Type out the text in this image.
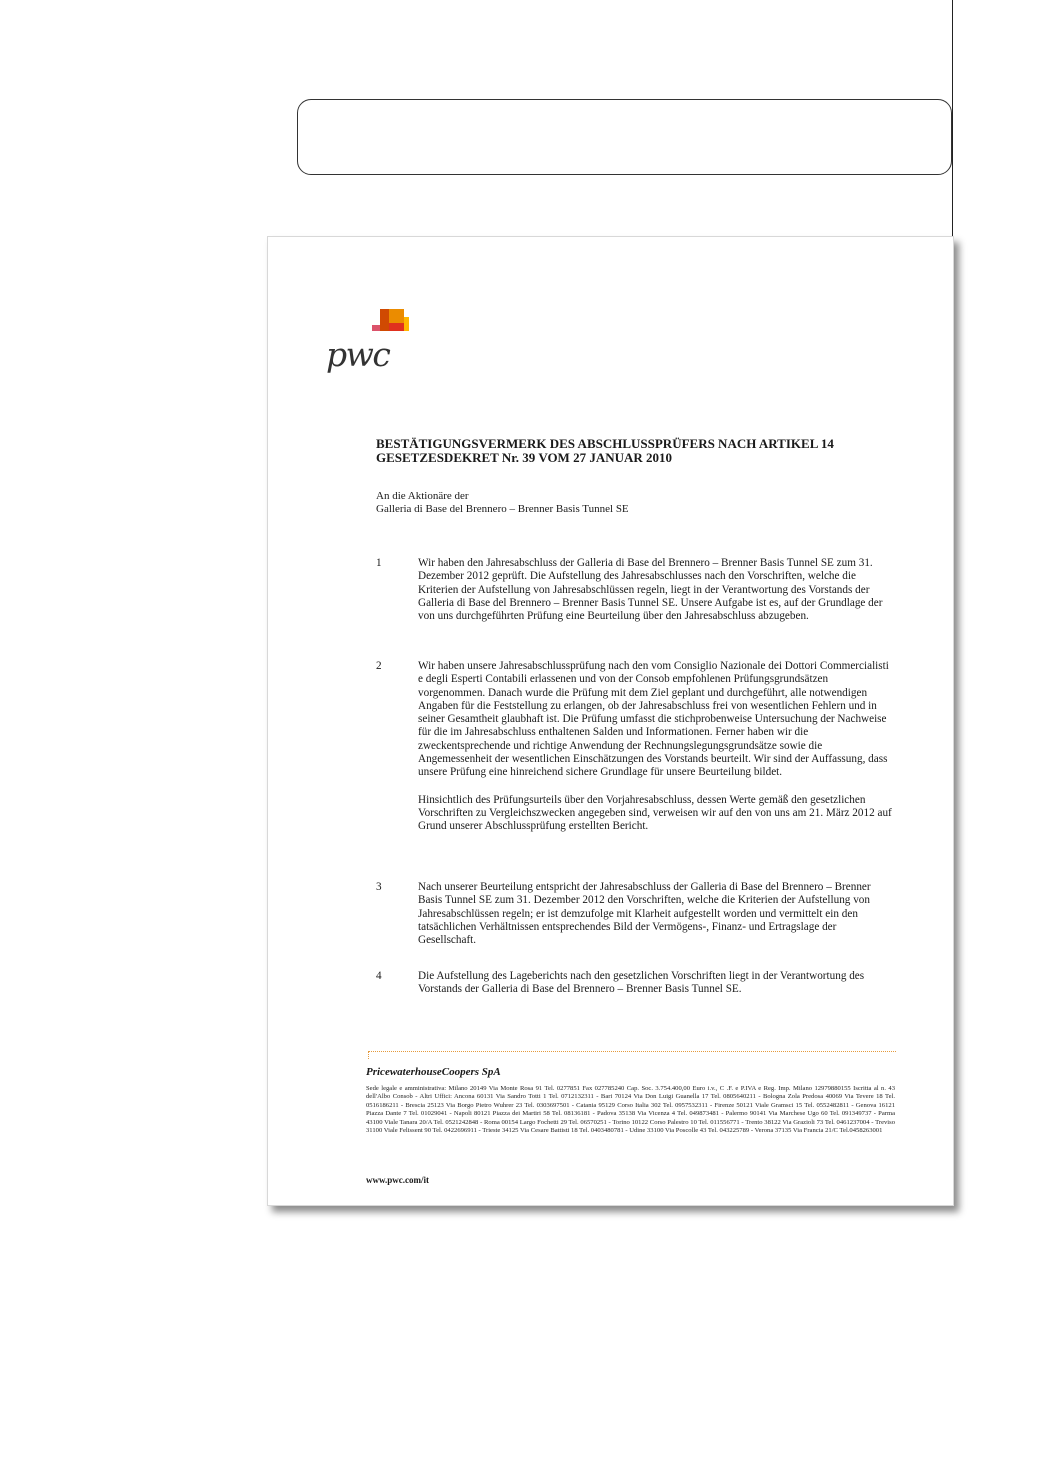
pwc
BESTÄTIGUNGSVERMERK DES ABSCHLUSSPRÜFERS NACH ARTIKEL 14
GESETZESDEKRET Nr. 39 VOM 27 JANUAR 2010
An die Aktionäre der
Galleria di Base del Brennero – Brenner Basis Tunnel SE
1	Wir haben den Jahresabschluss der Galleria di Base del Brennero – Brenner Basis Tunnel SE zum 31. Dezember 2012 geprüft. Die Aufstellung des Jahresabschlusses nach den Vorschriften, welche die Kriterien der Aufstellung von Jahresabschlüssen regeln, liegt in der Verantwortung des Vorstands der Galleria di Base del Brennero – Brenner Basis Tunnel SE. Unsere Aufgabe ist es, auf der Grundlage der von uns durchgeführten Prüfung eine Beurteilung über den Jahresabschluss abzugeben.

2	Wir haben unsere Jahresabschlussprüfung nach den vom Consiglio Nazionale dei Dottori Commercialisti e degli Esperti Contabili erlassenen und von der Consob empfohlenen Prüfungsgrundsätzen vorgenommen. Danach wurde die Prüfung mit dem Ziel geplant und durchgeführt, alle notwendigen Angaben für die Feststellung zu erlangen, ob der Jahresabschluss frei von wesentlichen Fehlern und in seiner Gesamtheit glaubhaft ist. Die Prüfung umfasst die stichprobenweise Untersuchung der Nachweise für die im Jahresabschluss enthaltenen Salden und Informationen. Ferner haben wir die zweckentsprechende und richtige Anwendung der Rechnungslegungsgrundsätze sowie die Angemessenheit der wesentlichen Einschätzungen des Vorstands beurteilt. Wir sind der Auffassung, dass unsere Prüfung eine hinreichend sichere Grundlage für unsere Beurteilung bildet.

Hinsichtlich des Prüfungsurteils über den Vorjahresabschluss, dessen Werte gemäß den gesetzlichen Vorschriften zu Vergleichszwecken angegeben sind, verweisen wir auf den von uns am 21. März 2012 auf Grund unserer Abschlussprüfung erstellten Bericht.

3	Nach unserer Beurteilung entspricht der Jahresabschluss der Galleria di Base del Brennero – Brenner Basis Tunnel SE zum 31. Dezember 2012 den Vorschriften, welche die Kriterien der Aufstellung von Jahresabschlüssen regeln; er ist demzufolge mit Klarheit aufgestellt worden und vermittelt ein den tatsächlichen Verhältnissen entsprechendes Bild der Vermögens-, Finanz- und Ertragslage der Gesellschaft.

4	Die Aufstellung des Lageberichts nach den gesetzlichen Vorschriften liegt in der Verantwortung des Vorstands der Galleria di Base del Brennero – Brenner Basis Tunnel SE.

PricewaterhouseCoopers SpA
Sede legale e amministrativa: Milano 20149 Via Monte Rosa 91 Tel. 0277851 Fax 027785240 Cap. Soc. 3.754.400,00 Euro i.v., C .F. e P.IVA e Reg. Imp. Milano 12979880155 Iscritta al n. 43 dell'Albo Consob - Altri Uffici: Ancona 60131 Via Sandro Totti 1 Tel. 0712132311 - Bari 70124 Via Don Luigi Guanella 17 Tel. 0805640211 - Bologna Zola Predosa 40069 Via Tevere 18 Tel. 0516186211 - Brescia 25123 Via Borgo Pietro Wuhrer 23 Tel. 0303697501 - Catania 95129 Corso Italia 302 Tel. 0957532311 - Firenze 50121 Viale Gramsci 15 Tel. 0552482811 - Genova 16121 Piazza Dante 7 Tel. 01029041 - Napoli 80121 Piazza dei Martiri 58 Tel. 08136181 - Padova 35138 Via Vicenza 4 Tel. 049873481 - Palermo 90141 Via Marchese Ugo 60 Tel. 091349737 - Parma 43100 Viale Tanara 20/A Tel. 0521242848 - Roma 00154 Largo Fochetti 29 Tel. 06570251 - Torino 10122 Corso Palestro 10 Tel. 011556771 - Trento 38122 Via Grazioli 73 Tel. 0461237004 - Treviso 31100 Viale Felissent 90 Tel. 0422696911 - Trieste 34125 Via Cesare Battisti 18 Tel. 0403480781 - Udine 33100 Via Poscolle 43 Tel. 043225789 - Verona 37135 Via Francia 21/C Tel.0458263001
www.pwc.com/it
